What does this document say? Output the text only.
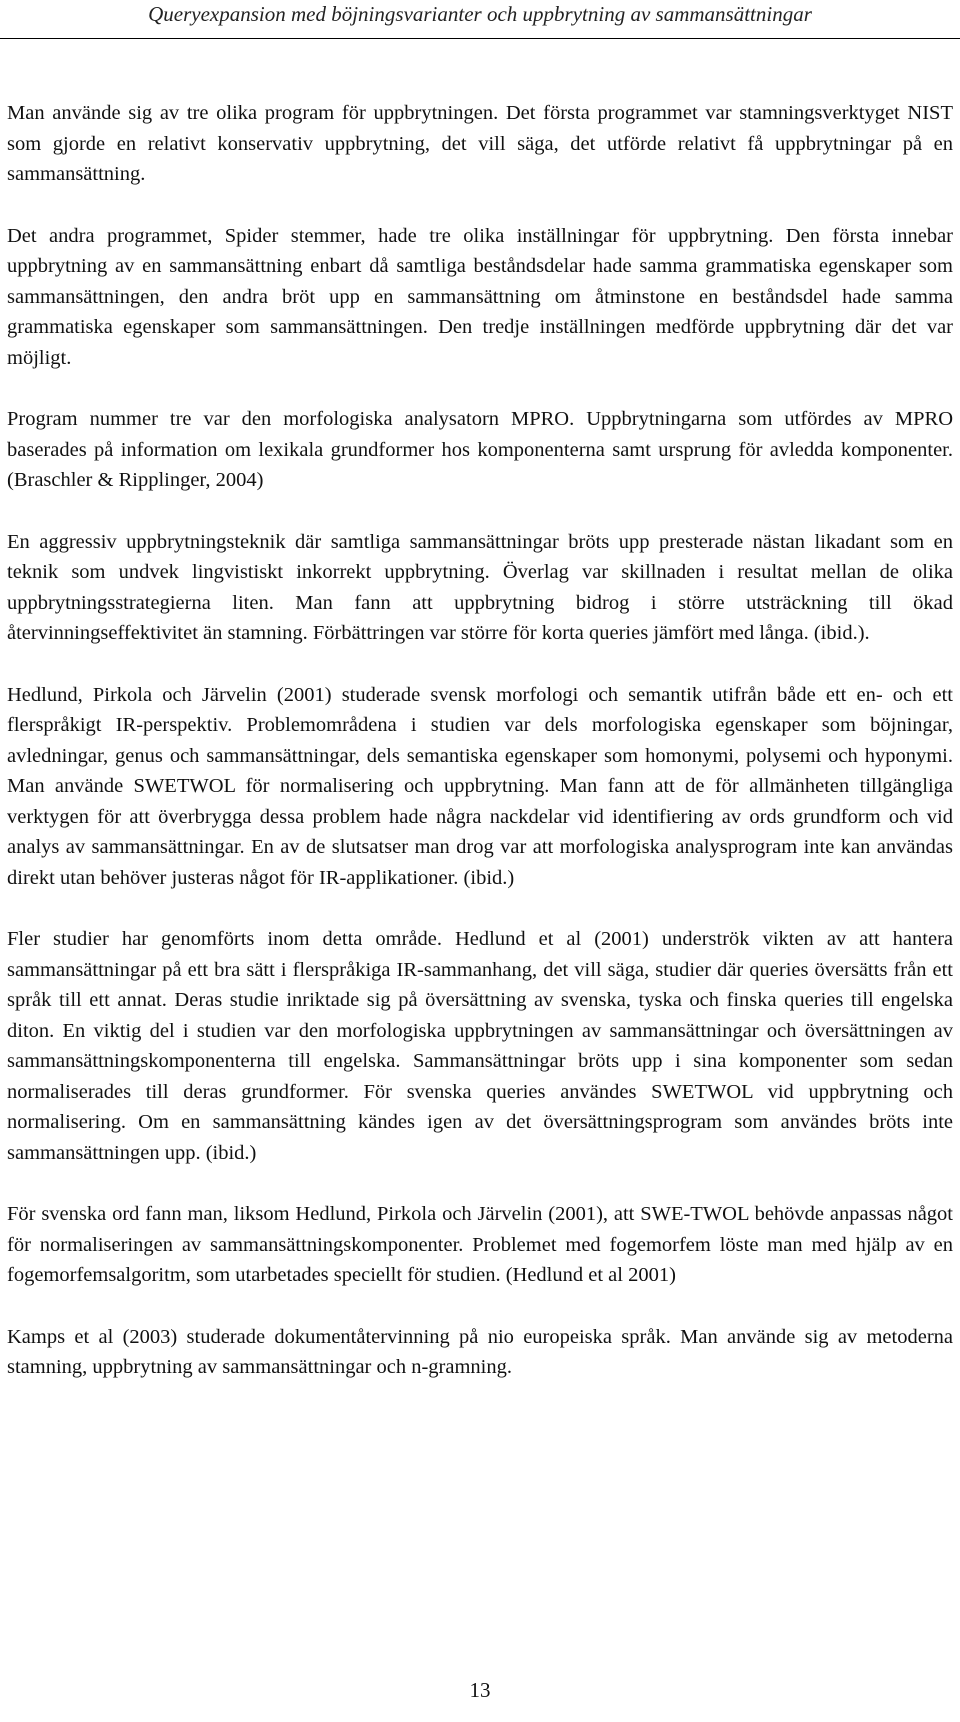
Queryexpansion med böjningsvarianter och uppbrytning av sammansättningar

Man använde sig av tre olika program för uppbrytningen. Det första programmet var stamningsverktyget NIST som gjorde en relativt konservativ uppbrytning, det vill säga, det utförde relativt få uppbrytningar på en sammansättning.

Det andra programmet, Spider stemmer, hade tre olika inställningar för uppbrytning. Den första innebar uppbrytning av en sammansättning enbart då samtliga beståndsdelar hade samma grammatiska egenskaper som sammansättningen, den andra bröt upp en sammansättning om åtminstone en beståndsdel hade samma grammatiska egenskaper som sammansättningen. Den tredje inställningen medförde uppbrytning där det var möjligt.

Program nummer tre var den morfologiska analysatorn MPRO. Uppbrytningarna som utfördes av MPRO baserades på information om lexikala grundformer hos komponenterna samt ursprung för avledda komponenter. (Braschler & Ripplinger, 2004)

En aggressiv uppbrytningsteknik där samtliga sammansättningar bröts upp presterade nästan likadant som en teknik som undvek lingvistiskt inkorrekt uppbrytning. Överlag var skillnaden i resultat mellan de olika uppbrytningsstrategierna liten. Man fann att uppbrytning bidrog i större utsträckning till ökad återvinningseffektivitet än stamning. Förbättringen var större för korta queries jämfört med långa. (ibid.).

Hedlund, Pirkola och Järvelin (2001) studerade svensk morfologi och semantik utifrån både ett en- och ett flerspråkigt IR-perspektiv. Problemområdena i studien var dels morfologiska egenskaper som böjningar, avledningar, genus och sammansättningar, dels semantiska egenskaper som homonymi, polysemi och hyponymi. Man använde SWETWOL för normalisering och uppbrytning. Man fann att de för allmänheten tillgängliga verktygen för att överbrygga dessa problem hade några nackdelar vid identifiering av ords grundform och vid analys av sammansättningar. En av de slutsatser man drog var att morfologiska analysprogram inte kan användas direkt utan behöver justeras något för IR-applikationer. (ibid.)

Fler studier har genomförts inom detta område. Hedlund et al (2001) underströk vikten av att hantera sammansättningar på ett bra sätt i flerspråkiga IR-sammanhang, det vill säga, studier där queries översätts från ett språk till ett annat. Deras studie inriktade sig på översättning av svenska, tyska och finska queries till engelska diton. En viktig del i studien var den morfologiska uppbrytningen av sammansättningar och översättningen av sammansättningskomponenterna till engelska. Sammansättningar bröts upp i sina komponenter som sedan normaliserades till deras grundformer. För svenska queries användes SWETWOL vid uppbrytning och normalisering. Om en sammansättning kändes igen av det översättningsprogram som användes bröts inte sammansättningen upp. (ibid.)

För svenska ord fann man, liksom Hedlund, Pirkola och Järvelin (2001), att SWE-TWOL behövde anpassas något för normaliseringen av sammansättningskomponenter. Problemet med fogemorfem löste man med hjälp av en fogemorfemsalgoritm, som utarbetades speciellt för studien. (Hedlund et al 2001)

Kamps et al (2003) studerade dokumentåtervinning på nio europeiska språk. Man använde sig av metoderna stamning, uppbrytning av sammansättningar och n-gramning.

13
